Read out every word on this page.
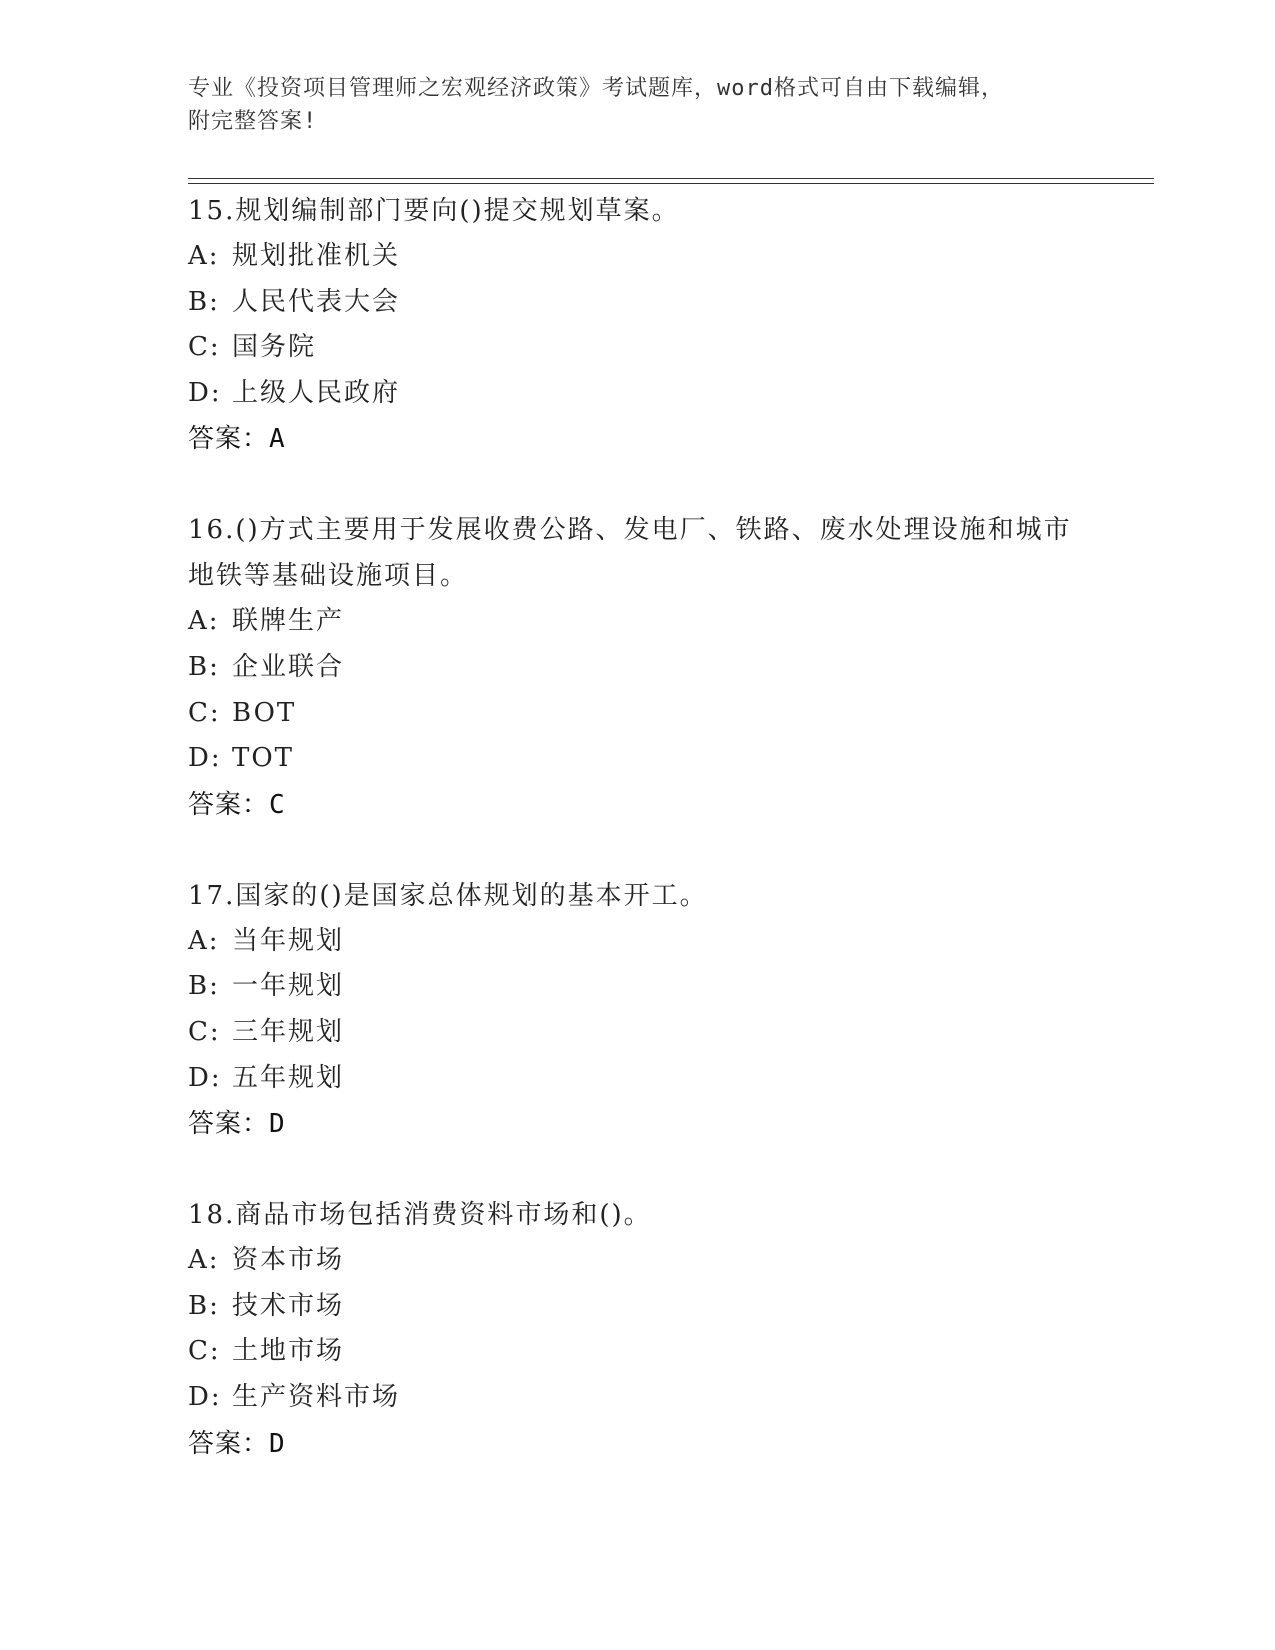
专业《投资项目管理师之宏观经济政策》考试题库，word格式可自由下载编辑，
附完整答案!

15.规划编制部门要向()提交规划草案。

A: 规划批准机关

B: 人民代表大会

C: 国务院

D: 上级人民政府

答案：A

16.()方式主要用于发展收费公路、发电厂、铁路、废水处理设施和城市地铁等基础设施项目。

A: 联牌生产

B: 企业联合

C: BOT

D: TOT

答案：C

17.国家的()是国家总体规划的基本开工。

A: 当年规划

B: 一年规划

C: 三年规划

D: 五年规划

答案：D

18.商品市场包括消费资料市场和()。

A: 资本市场

B: 技术市场

C: 土地市场

D: 生产资料市场

答案：D
